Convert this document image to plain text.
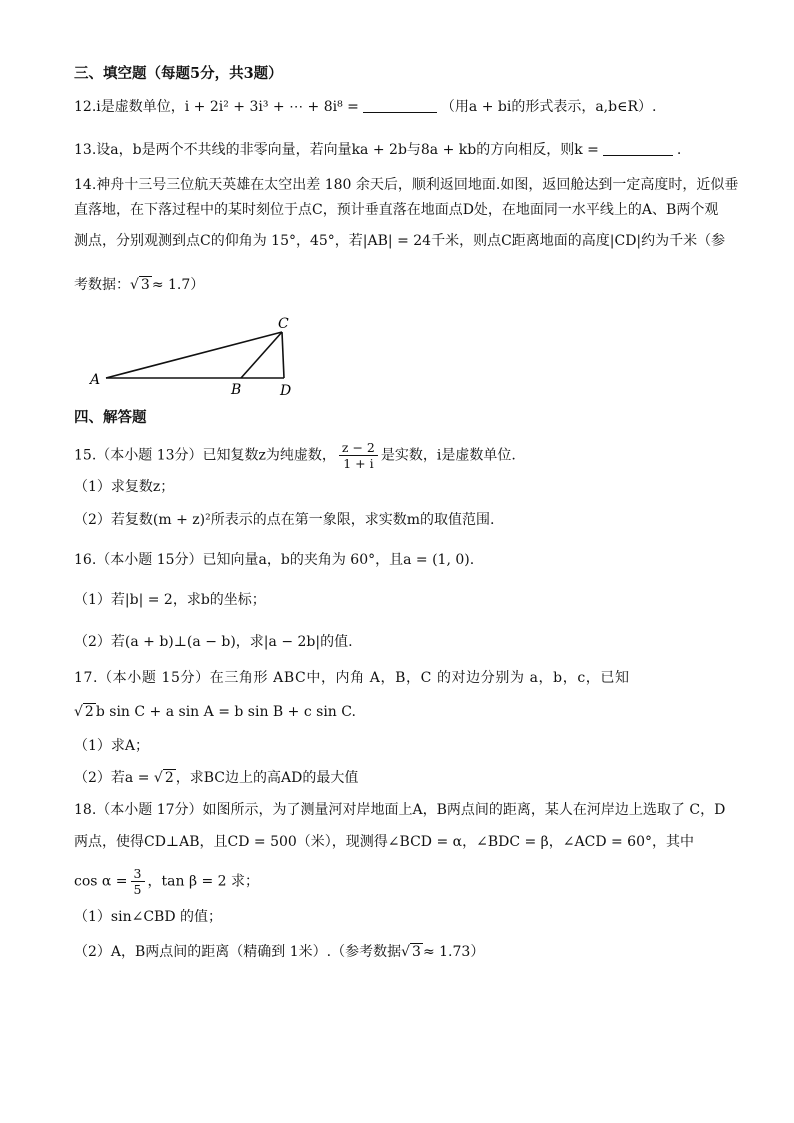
三、填空题（每题5分，共3题）
12.i是虚数单位，i + 2i² + 3i³ + ⋯ + 8i⁸ =	（用a + bi的形式表示，a,b∈R）.
13.设a，b是两个不共线的非零向量，若向量ka + 2b与8a + kb的方向相反，则k =	.
14.神舟十三号三位航天英雄在太空出差 180 余天后，顺利返回地面.如图，返回舱达到一定高度时，近似垂
直落地，在下落过程中的某时刻位于点C，预计垂直落在地面点D处，在地面同一水平线上的A、B两个观
测点，分别观测到点C的仰角为 15°，45°，若|AB| = 24千米，则点C距离地面的高度|CD|约为千米（参
考数据：√ 3 ≈ 1.7）
A
B
C
D
四、解答题
15.（本小题 13分）已知复数z为纯虚数， $\frac{z - 2}{1 + i}$ 是实数，i是虚数单位.
（1）求复数z；
（2）若复数(m + z)²所表示的点在第一象限，求实数m的取值范围.
16.（本小题 15分）已知向量a，b的夹角为 60°，且a = (1, 0).
（1）若|b| = 2，求b的坐标；
（2）若(a + b)⊥(a − b)，求|a − 2b|的值.
17.（本小题 15分）在三角形 ABC中，内角 A，B，C 的对边分别为 a，b，c，已知
√ 2 b sin C + a sin A = b sin B + c sin C.
（1）求A；
（2）若a = √ 2 ，求BC边上的高AD的最大值
18.（本小题 17分）如图所示，为了测量河对岸地面上A，B两点间的距离，某人在河岸边上选取了 C，D
两点，使得CD⊥AB，且CD = 500（米），现测得∠BCD = α，∠BDC = β，∠ACD = 60°，其中
$\cos \alpha = \frac{3}{5}$ ，tan β = 2 求；
（1）sin∠CBD 的值；
（2）A，B两点间的距离（精确到 1米）.（参考数据√ 3 ≈ 1.73）
